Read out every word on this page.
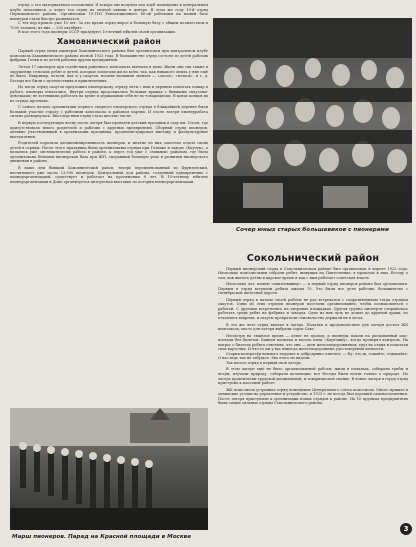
отряд, о его материальном положении. И вскоре мы получил под клуб помещение в центральном клубе печатников, а через год отряд на медеой павеки в центре. В этом же году 10-й отряд Первомайского района. Организован 10-ГИЗ Революционного 40-ой рабочими на нашей базе пионеров стали быстро развиваться.

С тех пор прошло уже 10 лет. За это время отряд вырос в большую базу с общим количеством в 7000 человек; из них — 200 октябрят.

В мае этого года пионеры СССР празднуют 10-летний юбилей своей организации.

Хамовнический район

Первый отряд юных пионеров Хамовнического района был организован при центральном клубе комсомола Хамовнического района весной 1922 года. В большинстве отряд состоял из детей рабочих фабрики Голяк и из детей рабочих других предприятий.

Летом 17 пионеров при содействии районного комсомола выехали в дачи. Жили они так также в окружении сельских ребят и детей, которые помогали им во всём, так, как никакого опыта у них ещё не было. Например, хотели, как и у скаутов, носили названия звеньев — «лесов», «волков», и т. д. Беседы все были о путешествиях и приключениях.

Но когда отряд скаутов предложил пионерскому отряду итти с ним в деревню помогать пожар в работе, пионеры отказались. Внутри отряда продолжалась большая вражда с бывшими скаутами-девочками; не хотевшими работать на кухне и держащими себя не по-товарищески. В конце концов их из отряда прогнали.

С самого начала организации первого сводного пионерского отряда в ближайшей деревне были большой участие городу с рабочими комсомола и районом партии. И после лагеря пионерработа сильно развернулась. Впоследствии отряд стало шестью части.

В первую последующую весну после лагеря был проведён детский праздник в саду им. Олсен, где присутствовало много родителей и рабочих с крупных предприятий. Сборный отряд пионеров, активно участвовавший в организации праздника, продемонстрировал выездку и физкультурные выступления.

Родителей поразила дисциплинированность пионеров, и многие из них захотели отдать своих детей в отряды. После этого праздника были организованы отряды при Гознаке и заводе «Каучук», а начались уже систематически работа в районе, а через год уже с «новыми» районом, где была организована большая пионерская база при ЖП, сыгравший большую роль в развитии пионерского движения в районе.

В наше дни бывший Хамовнический район, теперь переименованный во Фрунзенский, насчитывает уже около 13.500 пионеров. Центральный дом района, созданный одновременно с пионерорганизацией, существует и работает на протяжении 8 лет. В 10-летнему юбилею пионерорганизации в Доме организуется интересная выставка по истории пионерорганизации.

Сочер юных старых большевиков с пионерами
Сокольнический район

Первый пионерский отряд в Сокольническом районе был организован в апреле 1922 года. Несколько комсомольцев собрали ребят, живущих на Пантелеевке, в прошлом к нам. Беседу о том, как жилось детям в царское время и как с ним работает советская власть.

Несколько лет, помню «пантеевщину» — и первый отряд пионеров района был организован. Первым в отряд вступили ребята школы 70. Это были все дети рабочих, большинство с Октябрьской железной дороги.

Первый отряд в начале своей работы не раз встречался с сопротивлением тогда отрядам скаутов. Одни из этих отрядов пионеров посетили организованно, чтобы познакомиться с работой. С другими встретились на дворовых площадках. Другая группа пионеров отправилась работать среди ребят на фабрике и заводах. Одно из них чуть не дошло до крупной драки, но отчаялись вовремя, и скауты прекратили самовольство держали их в лесах.

В это же лето отряд выехал в лагерь. Палатки и продовольствие для лагеря достал ЖК комсомола, место для лагеря выбрали сорок Саве.

Несмотря на тяжёлое время — денег не провод, и пионеры пошли на рискованный шаг: поехали без билетов. Банная попытка и весело пили «Картошку», когда проверял контроль. На вопрос о билетах ребята ответили, что они — дети железнодорожников, едут на отдых и показали свои карточки. И что-то им у вас никогда железнодорожные удостоверения личности.

Старик-контролёр немного подумал и добродушно ответил: — Ну, что ж, езжайте, отдыхайте. О нас ведь так не забудьте. Мы этого не видели.

Так весело отряд в первый свой лагерь.

В этом лагере ещё не было организованной работы; жили в палатках, собирали грибы и ягоды, изучали природу, собирали коллекции, все беседы были почти только о природе. Но лагерь практически трудовой дисциплиной, и товарищеской спайке. В конце лагеря в город отряд приступил к массовой работе.

ЖК комсомола устраивал отряд помещение Центрального союза комсомола. Много пришло в ленинские уголки на управление и устройство, в 1923 г. не всегда был хороший самовосполнения. После лагеря приступили к организации новых отрядов в районе. На 10 крупных предприятиях были самые сильные отряды Сокольнического района.

Марш пионеров. Парад на Красной площади в Москве
3
